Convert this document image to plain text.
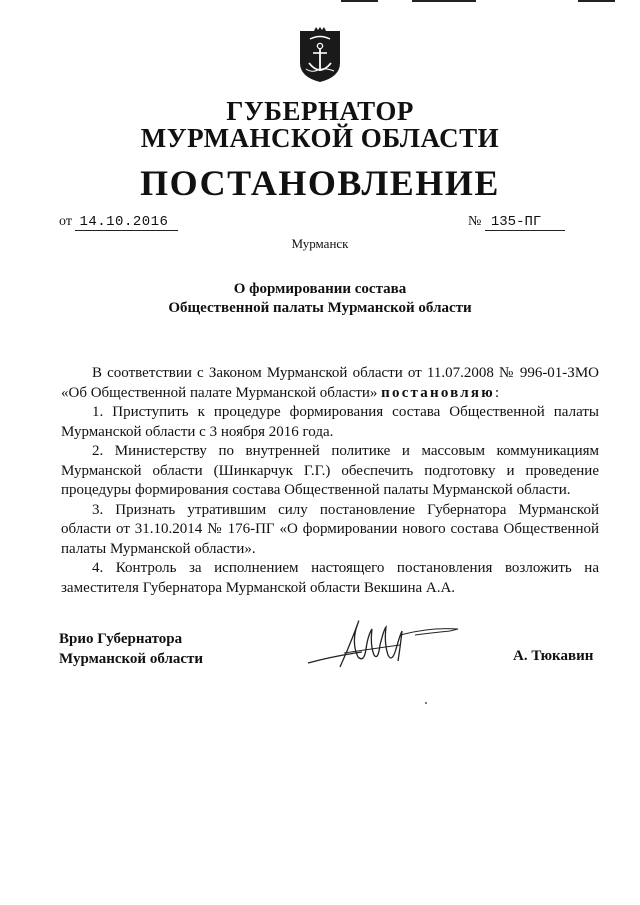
ГУБЕРНАТОР
МУРМАНСКОЙ ОБЛАСТИ
ПОСТАНОВЛЕНИЕ
от 14.10.2016	№ 135-ПГ
Мурманск
О формировании состава
Общественной палаты Мурманской области

В соответствии с Законом Мурманской области от 11.07.2008 № 996-01-ЗМО «Об Общественной палате Мурманской области» постановляю:

1. Приступить к процедуре формирования состава Общественной палаты Мурманской области с 3 ноября 2016 года.

2. Министерству по внутренней политике и массовым коммуникациям Мурманской области (Шинкарчук Г.Г.) обеспечить подготовку и проведение процедуры формирования состава Общественной палаты Мурманской области.

3. Признать утратившим силу постановление Губернатора Мурманской области от 31.10.2014 № 176-ПГ «О формировании нового состава Общественной палаты Мурманской области».

4. Контроль за исполнением настоящего постановления возложить на заместителя Губернатора Мурманской области Векшина А.А.

Врио Губернатора
Мурманской области	А. Тюкавин
